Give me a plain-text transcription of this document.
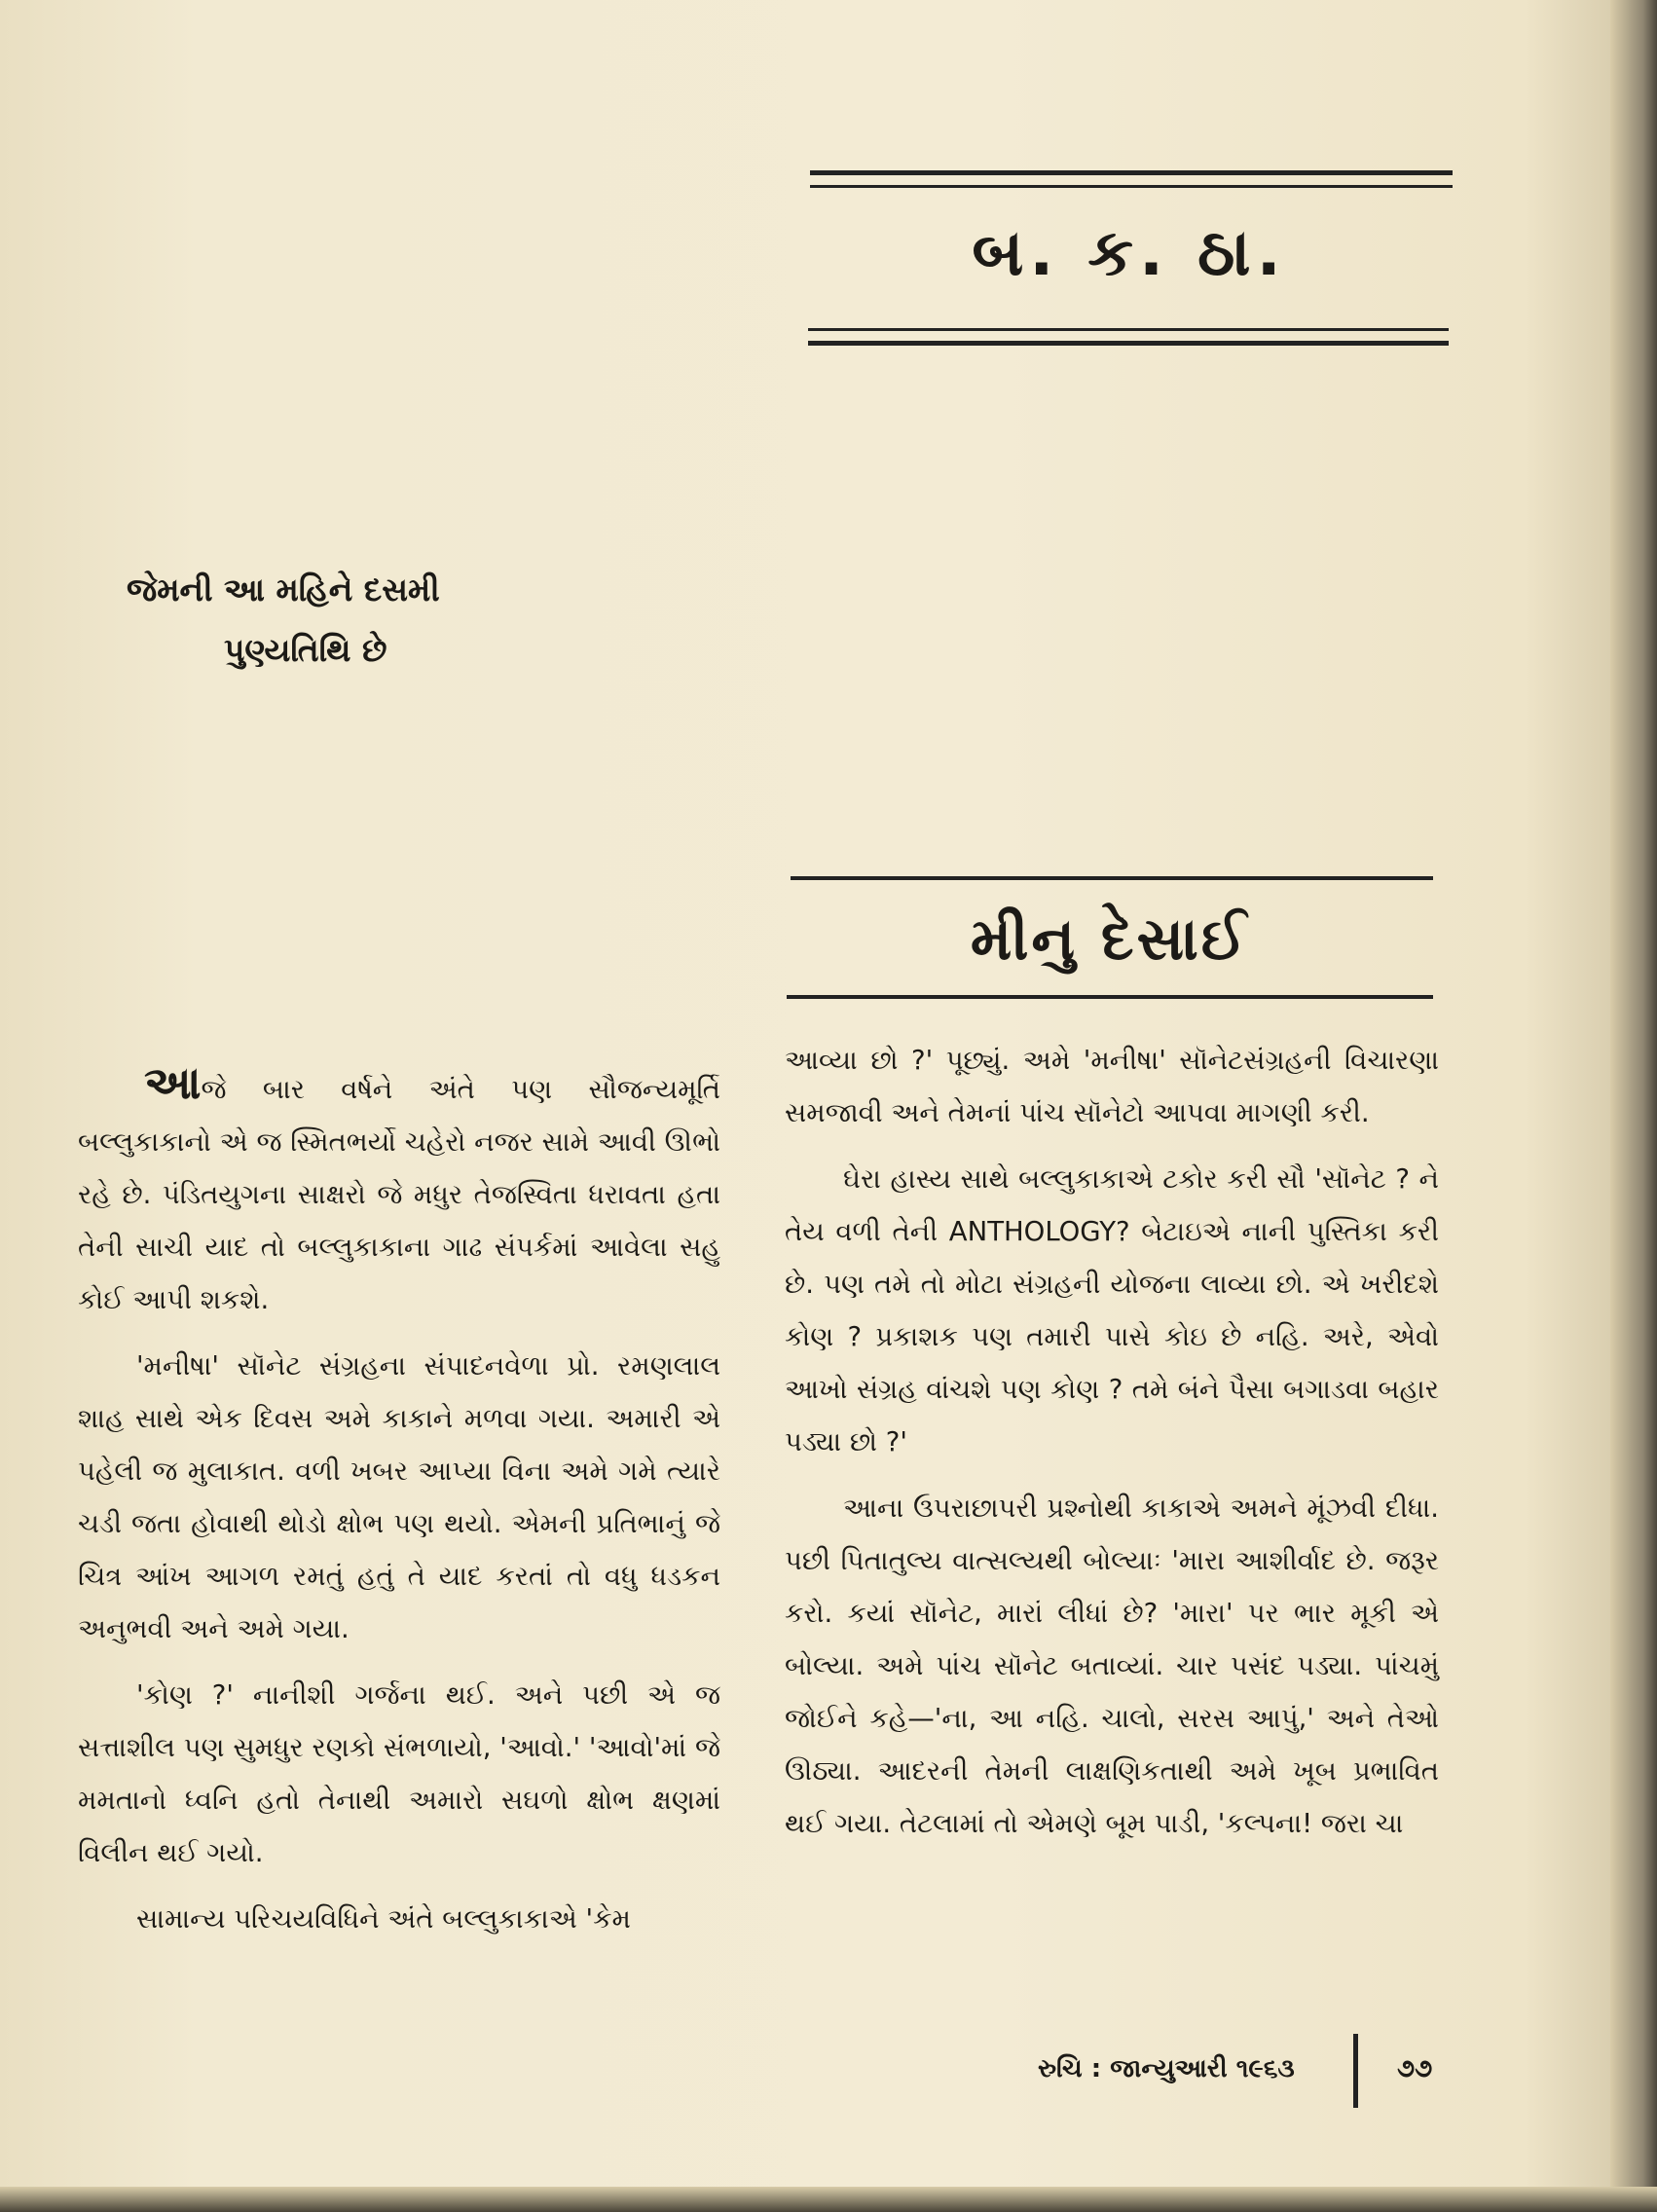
બ. ક. ઠા.
જેમની આ મહિને દસમી
પુણ્યતિથિ છે
મીનુ દેસાઈ

આજે બાર વર્ષને અંતે પણ સૌજન્યમૂર્તિ બલ્લુકાકાનો એ જ સ્મિતભર્યો ચહેરો નજર સામે આવી ઊભો રહે છે. પંડિતયુગના સાક્ષરો જે મધુર તેજસ્વિતા ધરાવતા હતા તેની સાચી યાદ તો બલ્લુકાકાના ગાઢ સંપર્કમાં આવેલા સહુ કોઈ આપી શકશે.

'મનીષા' સૉનેટ સંગ્રહના સંપાદનવેળા પ્રો. રમણલાલ શાહ સાથે એક દિવસ અમે કાકાને મળવા ગયા. અમારી એ પહેલી જ મુલાકાત. વળી ખબર આપ્યા વિના અમે ગમે ત્યારે ચડી જતા હોવાથી થોડો ક્ષોભ પણ થયો. એમની પ્રતિભાનું જે ચિત્ર આંખ આગળ રમતું હતું તે યાદ કરતાં તો વધુ ધડકન અનુભવી અને અમે ગયા.

'કોણ ?' નાનીશી ગર્જના થઈ. અને પછી એ જ સત્તાશીલ પણ સુમધુર રણકો સંભળાયો, 'આવો.' 'આવો'માં જે મમતાનો ધ્વનિ હતો તેનાથી અમારો સઘળો ક્ષોભ ક્ષણમાં વિલીન થઈ ગયો.

સામાન્ય પરિચયવિધિને અંતે બલ્લુકાકાએ 'કેમ

આવ્યા છો ?' પૂછ્યું. અમે 'મનીષા' સૉનેટસંગ્રહની વિચારણા સમજાવી અને તેમનાં પાંચ સૉનેટો આપવા માગણી કરી.

ઘેરા હાસ્ય સાથે બલ્લુકાકાએ ટકોર કરી સૌ 'સૉનેટ ? ને તેય વળી તેની ANTHOLOGY? બેટાઇએ નાની પુસ્તિકા કરી છે. પણ તમે તો મોટા સંગ્રહની યોજના લાવ્યા છો. એ ખરીદશે કોણ ? પ્રકાશક પણ તમારી પાસે કોઇ છે નહિ. અરે, એવો આખો સંગ્રહ વાંચશે પણ કોણ ? તમે બંને પૈસા બગાડવા બહાર પડ્યા છો ?'

આના ઉપરાછાપરી પ્રશ્નોથી કાકાએ અમને મૂંઝવી દીધા. પછી પિતાતુલ્ય વાત્સલ્યથી બોલ્યાઃ 'મારા આશીર્વાદ છે. જરૂર કરો. કયાં સૉનેટ, મારાં લીધાં છે? 'મારા' પર ભાર મૂકી એ બોલ્યા. અમે પાંચ સૉનેટ બતાવ્યાં. ચાર પસંદ પડ્યા. પાંચમું જોઈને કહે—'ના, આ નહિ. ચાલો, સરસ આપું,' અને તેઓ ઊઠ્યા. આદરની તેમની લાક્ષણિકતાથી અમે ખૂબ પ્રભાવિત થઈ ગયા. તેટલામાં તો એમણે બૂમ પાડી, 'કલ્પના! જરા ચા

રુચિ : જાન્યુઆરી ૧૯૬૩	૭૭
